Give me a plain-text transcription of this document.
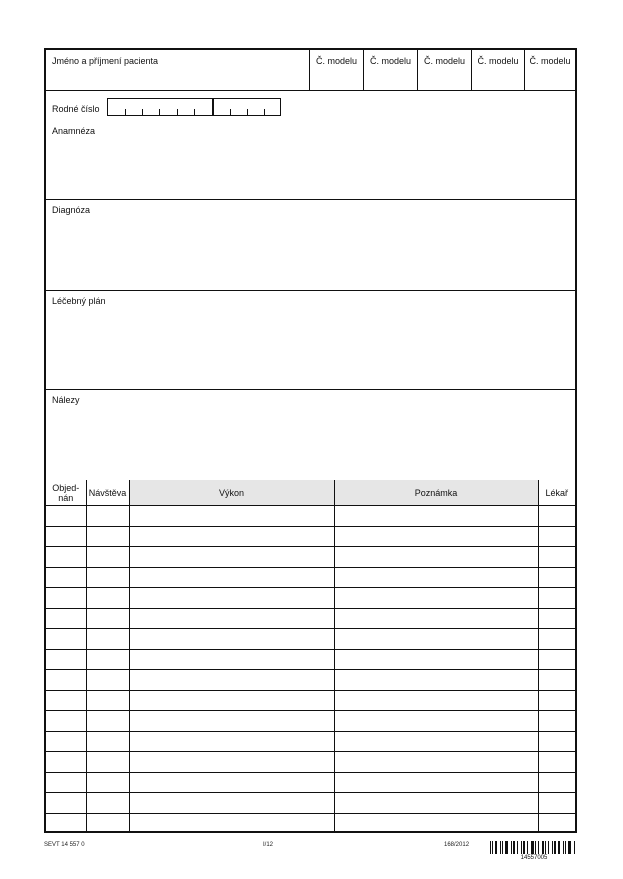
Jméno a příjmení pacienta	Č. modelu	Č. modelu	Č. modelu	Č. modelu	Č. modelu
Rodné číslo
Anamnéza
Diagnóza
Léčebný plán
Nálezy
Objed-
nán	Návštěva	Výkon	Poznámka	Lékař

SEVT 14 557 0	I/12	168/2012
14557005
